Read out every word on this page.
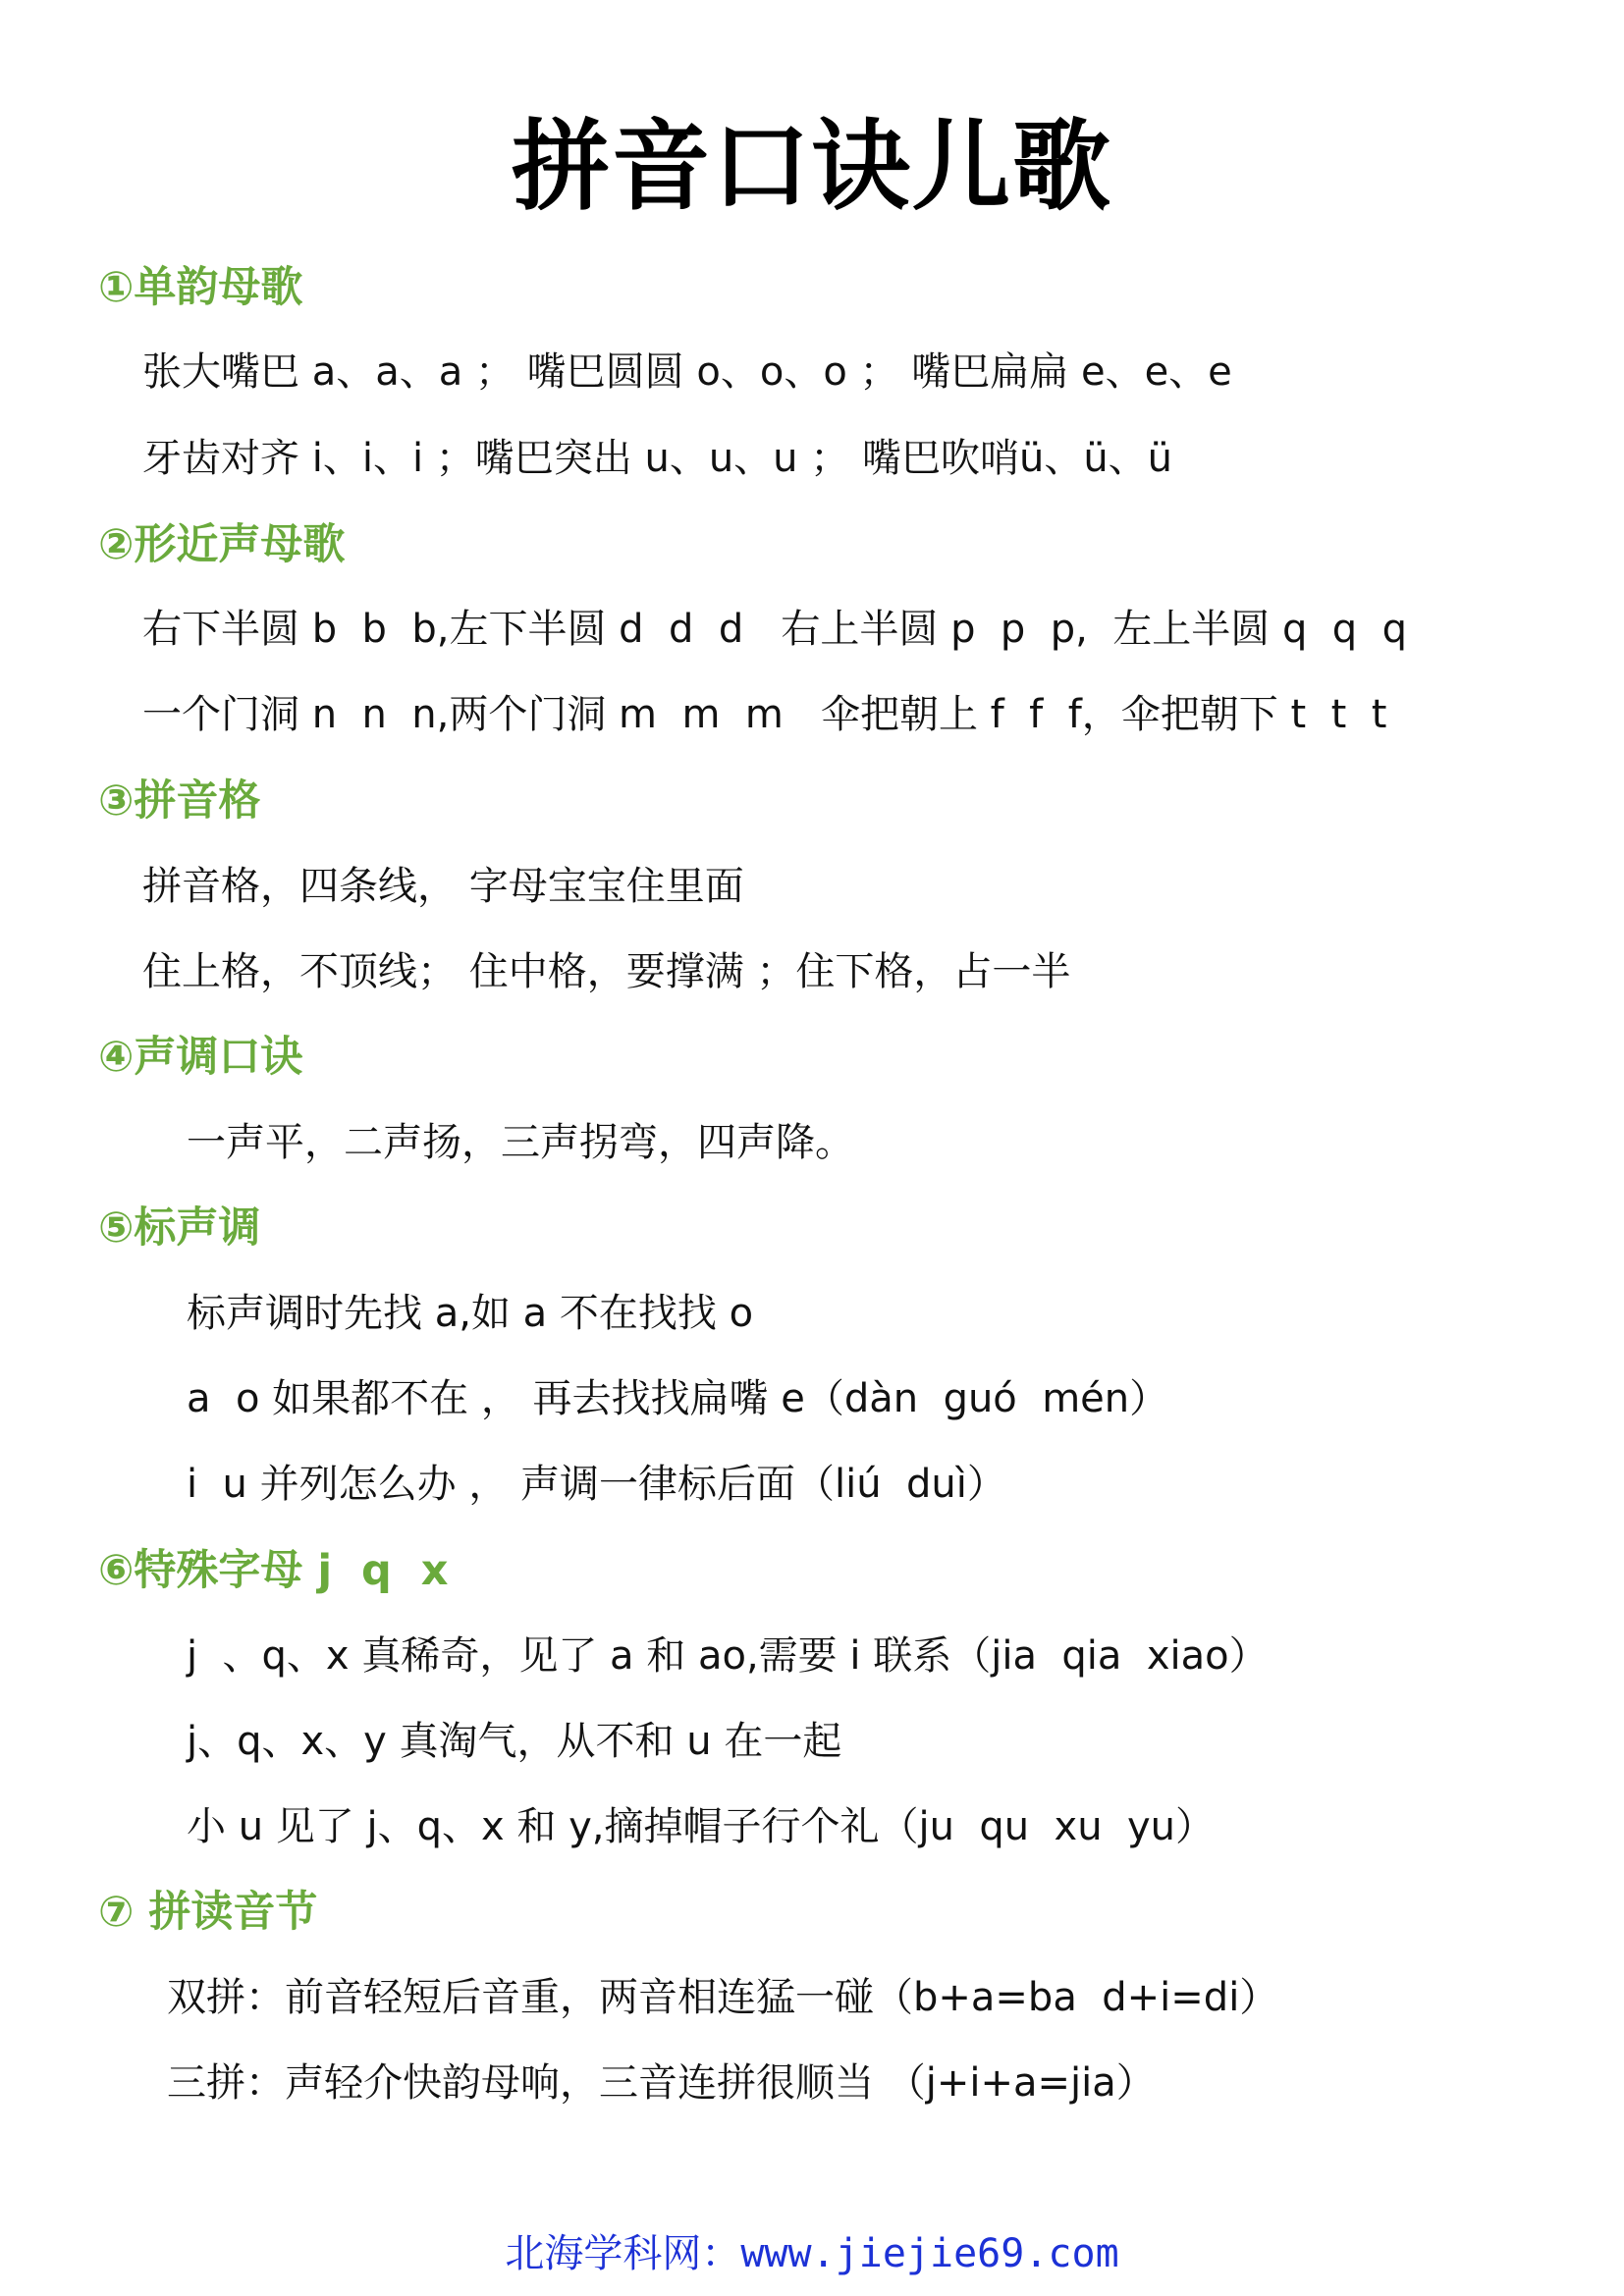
拼音口诀儿歌
①单韵母歌
张大嘴巴 a、a、a ； 嘴巴圆圆 o、o、o ； 嘴巴扁扁 e、e、e
牙齿对齐 i、i、i ；嘴巴突出 u、u、u ； 嘴巴吹哨ü、ü、ü
②形近声母歌
右下半圆 b  b  b,左下半圆 d  d  d   右上半圆 p  p  p,  左上半圆 q  q  q
一个门洞 n  n  n,两个门洞 m  m  m   伞把朝上 f  f  f，伞把朝下 t  t  t
③拼音格
拼音格，四条线， 字母宝宝住里面
住上格，不顶线； 住中格，要撑满 ；住下格，占一半
④声调口诀
一声平，二声扬，三声拐弯，四声降。
⑤标声调
标声调时先找 a,如 a 不在找找 o
a  o 如果都不在 ， 再去找找扁嘴 e（dàn  guó  mén）
i  u 并列怎么办 ， 声调一律标后面（liú  duì）
⑥特殊字母 j  q  x
j  、q、x 真稀奇，见了 a 和 ao,需要 i 联系（jia  qia  xiao）
j、q、x、y 真淘气，从不和 u 在一起
小 u 见了 j、q、x 和 y,摘掉帽子行个礼（ju  qu  xu  yu）
⑦ 拼读音节
双拼：前音轻短后音重，两音相连猛一碰（b+a=ba  d+i=di）
三拼：声轻介快韵母响，三音连拼很顺当 （j+i+a=jia）
北海学科网：www.jiejie69.com
